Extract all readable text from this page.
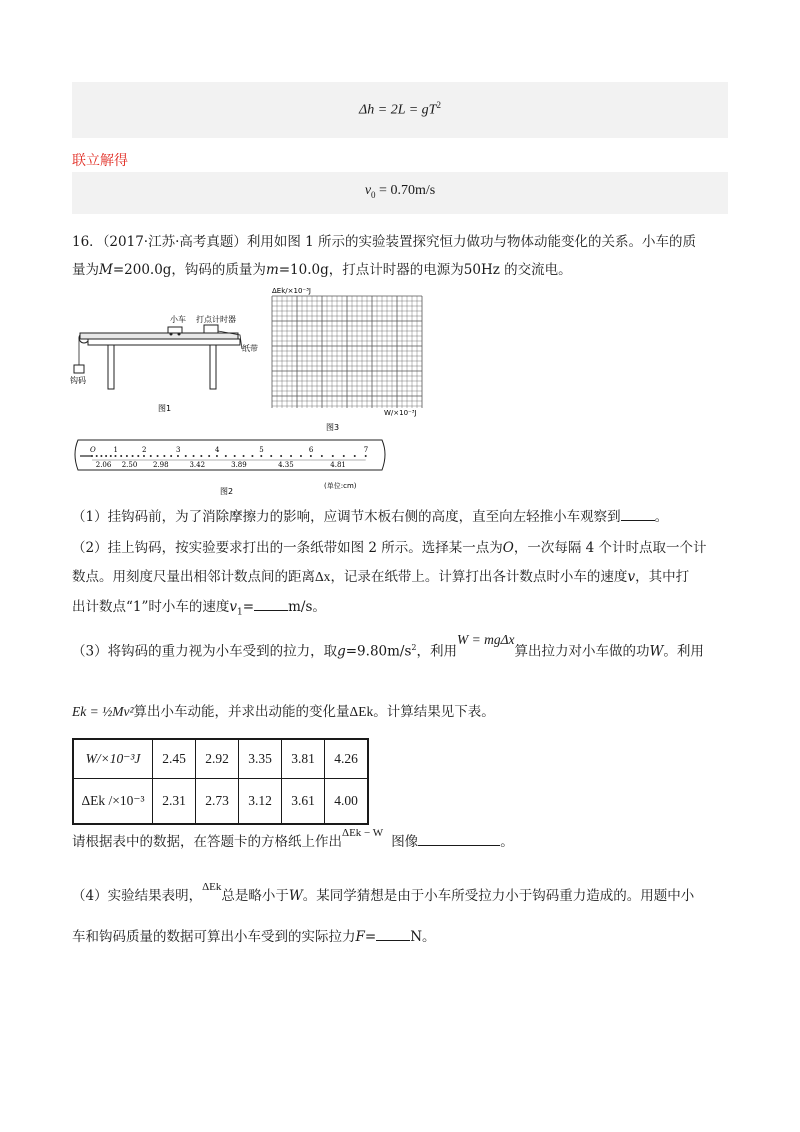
$\Delta h = 2L = gT^2$
联立解得
$v_0 = 0.70m/s$
16．（2017·江苏·高考真题）利用如图 1 所示的实验装置探究恒力做功与物体动能变化的关系。小车的质
量为M=200.0g，钩码的质量为m=10.0g，打点计时器的电源为50Hz 的交流电。
小车 打点计时器
纸带
钩码
图1
ΔEk/×10⁻³J
W/×10⁻³J
图3
O	1	2	3	4	5	6	7
2.06 2.50 2.98	3.42	3.89	4.35	4.81
图2
(单位:cm)
（1）挂钩码前，为了消除摩擦力的影响，应调节木板右侧的高度，直至向左轻推小车观察到	。
（2）挂上钩码，按实验要求打出的一条纸带如图 2 所示。选择某一点为O，一次每隔 4 个计时点取一个计
数点。用刻度尺量出相邻计数点间的距离Δx，记录在纸带上。计算打出各计数点时小车的速度v，其中打
出计数点“1”时小车的速度$v_1=$	m/s。
（3）将钩码的重力视为小车受到的拉力，取$g=9.80m/s^2$，利用W = mgΔx算出拉力对小车做的功W。利用
Ek = ½Mv²算出小车动能，并求出动能的变化量ΔEk。计算结果见下表。
W/×10⁻³J	2.45	2.92	3.35	3.81	4.26
ΔEk /×10⁻³	2.31	2.73	3.12	3.61	4.00
请根据表中的数据，在答题卡的方格纸上作出$^{\Delta Ek - W}$图像	。
（4）实验结果表明，$^{\Delta Ek}$总是略小于W。某同学猜想是由于小车所受拉力小于钩码重力造成的。用题中小
车和钩码质量的数据可算出小车受到的实际拉力F=	N。
